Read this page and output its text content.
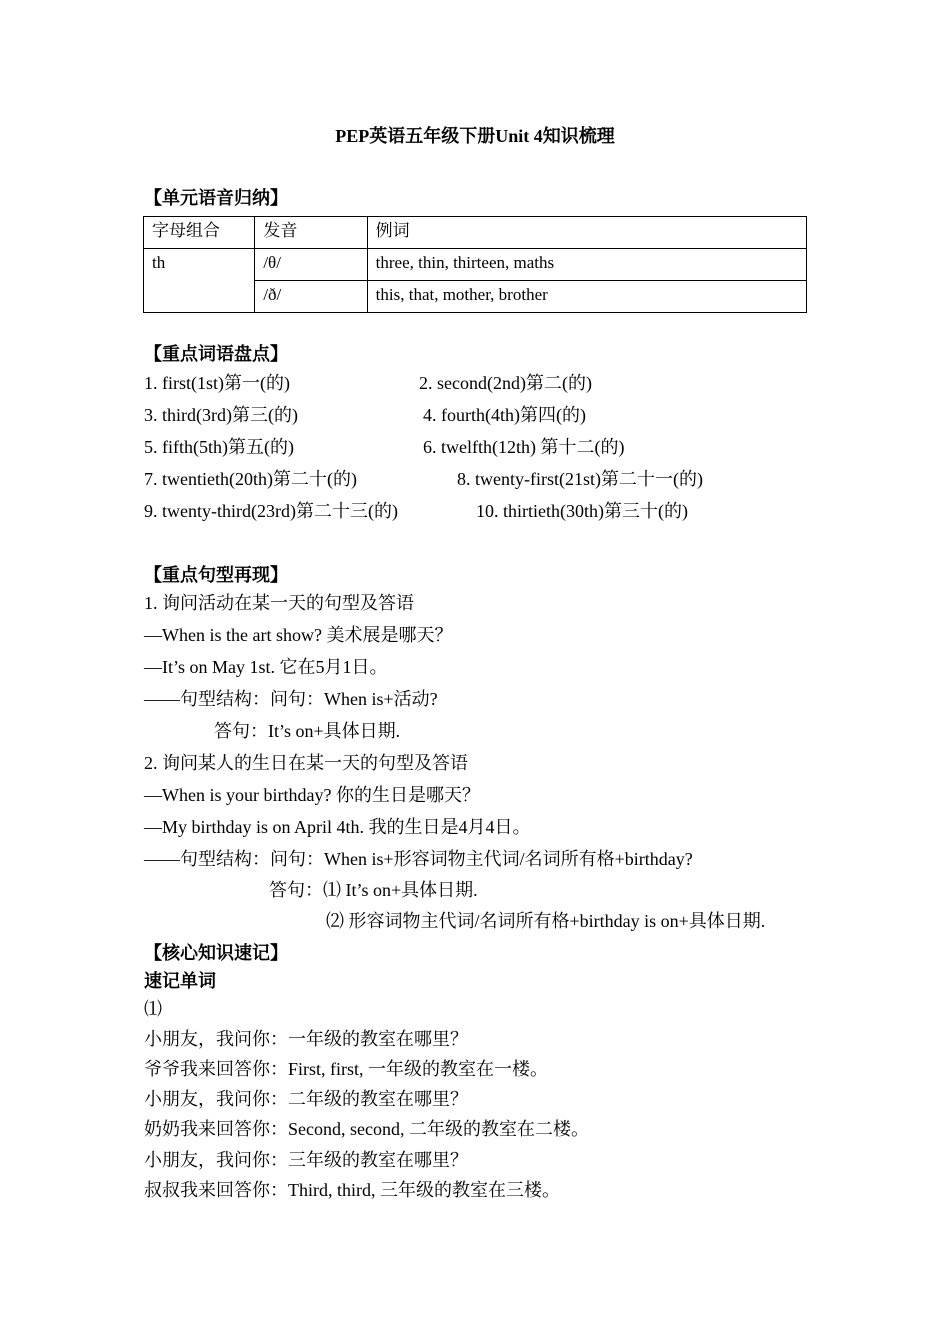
PEP英语五年级下册Unit 4知识梳理
【单元语音归纳】
字母组合	发音	例词
th	/θ/	three, thin, thirteen, maths
	/ð/	this, that, mother, brother
【重点词语盘点】
1. first(1st)第一(的)	2. second(2nd)第二(的)
3. third(3rd)第三(的)	4. fourth(4th)第四(的)
5. fifth(5th)第五(的)	6. twelfth(12th) 第十二(的)
7. twentieth(20th)第二十(的)	8. twenty-first(21st)第二十一(的)
9. twenty-third(23rd)第二十三(的)	10. thirtieth(30th)第三十(的)
【重点句型再现】
1. 询问活动在某一天的句型及答语
—When is the art show? 美术展是哪天？
—It’s on May 1st. 它在5月1日。
——句型结构：问句：When is+活动?
答句：It’s on+具体日期.
2. 询问某人的生日在某一天的句型及答语
—When is your birthday? 你的生日是哪天？
—My birthday is on April 4th. 我的生日是4月4日。
——句型结构：问句：When is+形容词物主代词/名词所有格+birthday?
答句：⑴ It’s on+具体日期.
⑵ 形容词物主代词/名词所有格+birthday is on+具体日期.
【核心知识速记】
速记单词
⑴
小朋友，我问你：一年级的教室在哪里？
爷爷我来回答你：First, first, 一年级的教室在一楼。
小朋友，我问你：二年级的教室在哪里？
奶奶我来回答你：Second, second, 二年级的教室在二楼。
小朋友，我问你：三年级的教室在哪里？
叔叔我来回答你：Third, third, 三年级的教室在三楼。
